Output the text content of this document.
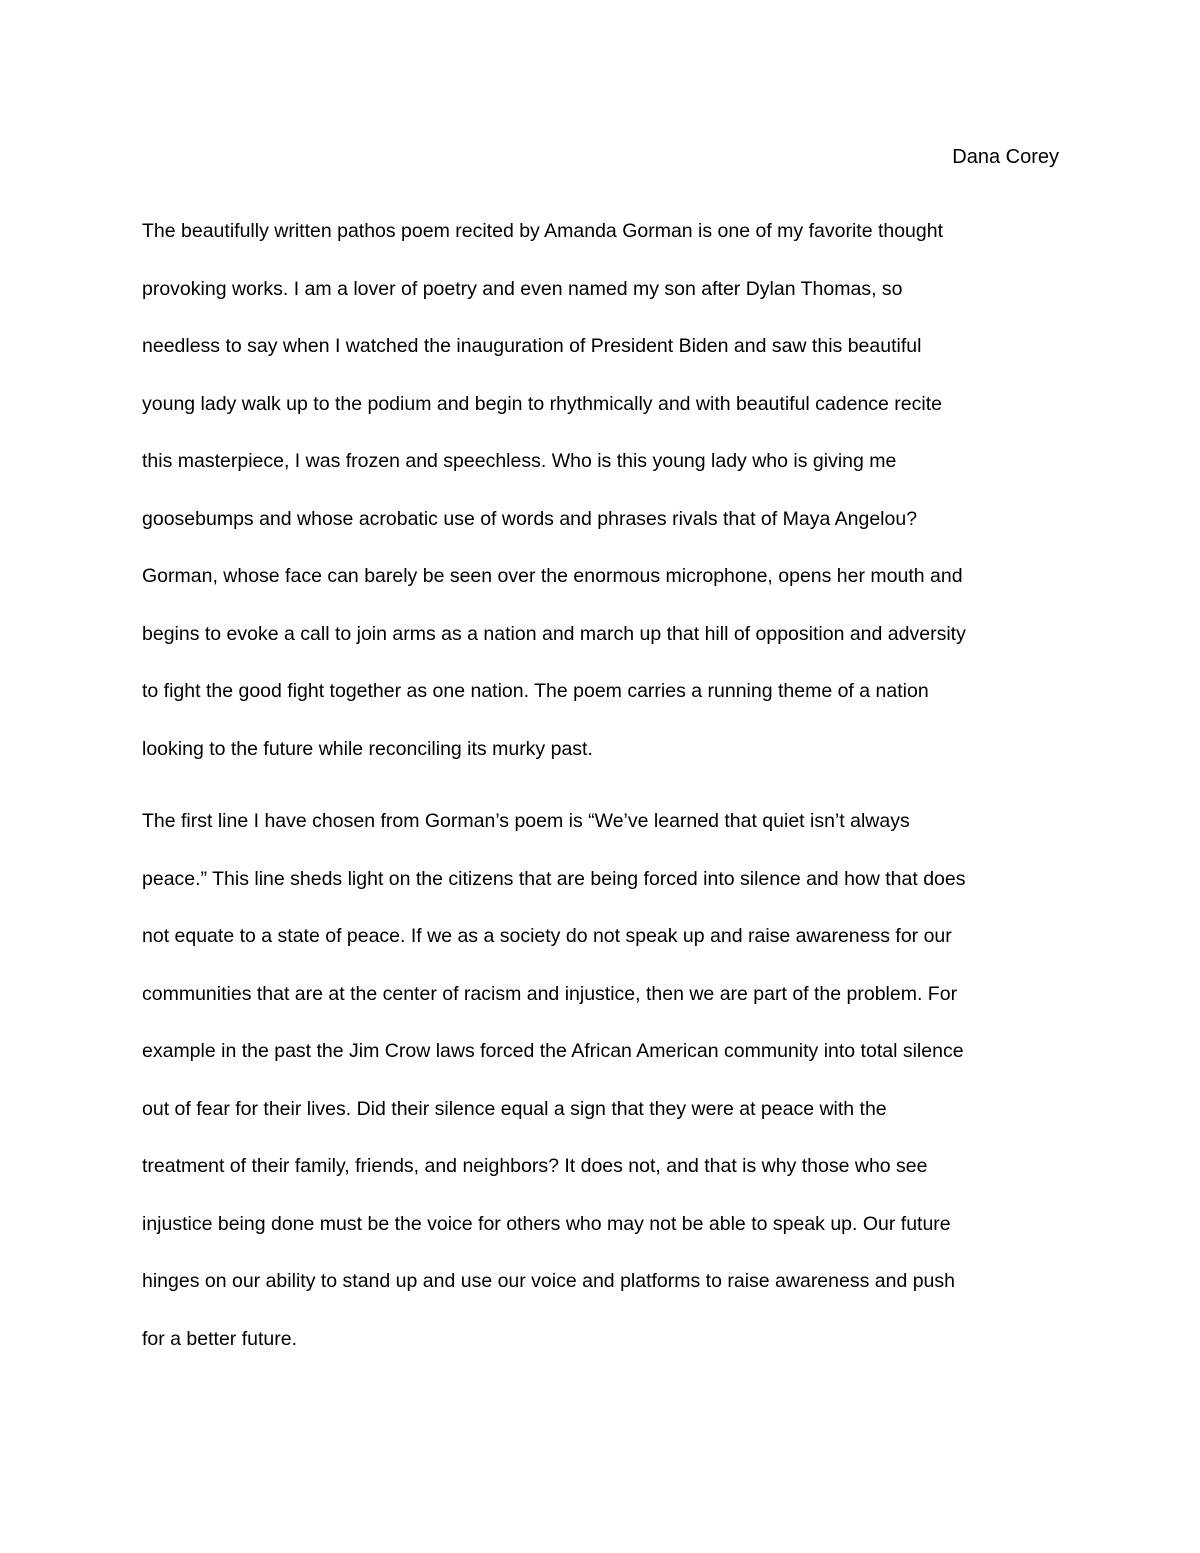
Dana Corey
The beautifully written pathos poem recited by Amanda Gorman is one of my favorite thought
provoking works. I am a lover of poetry and even named my son after Dylan Thomas, so
needless to say when I watched the inauguration of President Biden and saw this beautiful
young lady walk up to the podium and begin to rhythmically and with beautiful cadence recite
this masterpiece, I was frozen and speechless. Who is this young lady who is giving me
goosebumps and whose acrobatic use of words and phrases rivals that of Maya Angelou?
Gorman, whose face can barely be seen over the enormous microphone, opens her mouth and
begins to evoke a call to join arms as a nation and march up that hill of opposition and adversity
to fight the good fight together as one nation. The poem carries a running theme of a nation
looking to the future while reconciling its murky past.
The first line I have chosen from Gorman’s poem is “We’ve learned that quiet isn’t always
peace.” This line sheds light on the citizens that are being forced into silence and how that does
not equate to a state of peace. If we as a society do not speak up and raise awareness for our
communities that are at the center of racism and injustice, then we are part of the problem. For
example in the past the Jim Crow laws forced the African American community into total silence
out of fear for their lives. Did their silence equal a sign that they were at peace with the
treatment of their family, friends, and neighbors? It does not, and that is why those who see
injustice being done must be the voice for others who may not be able to speak up. Our future
hinges on our ability to stand up and use our voice and platforms to raise awareness and push
for a better future.
